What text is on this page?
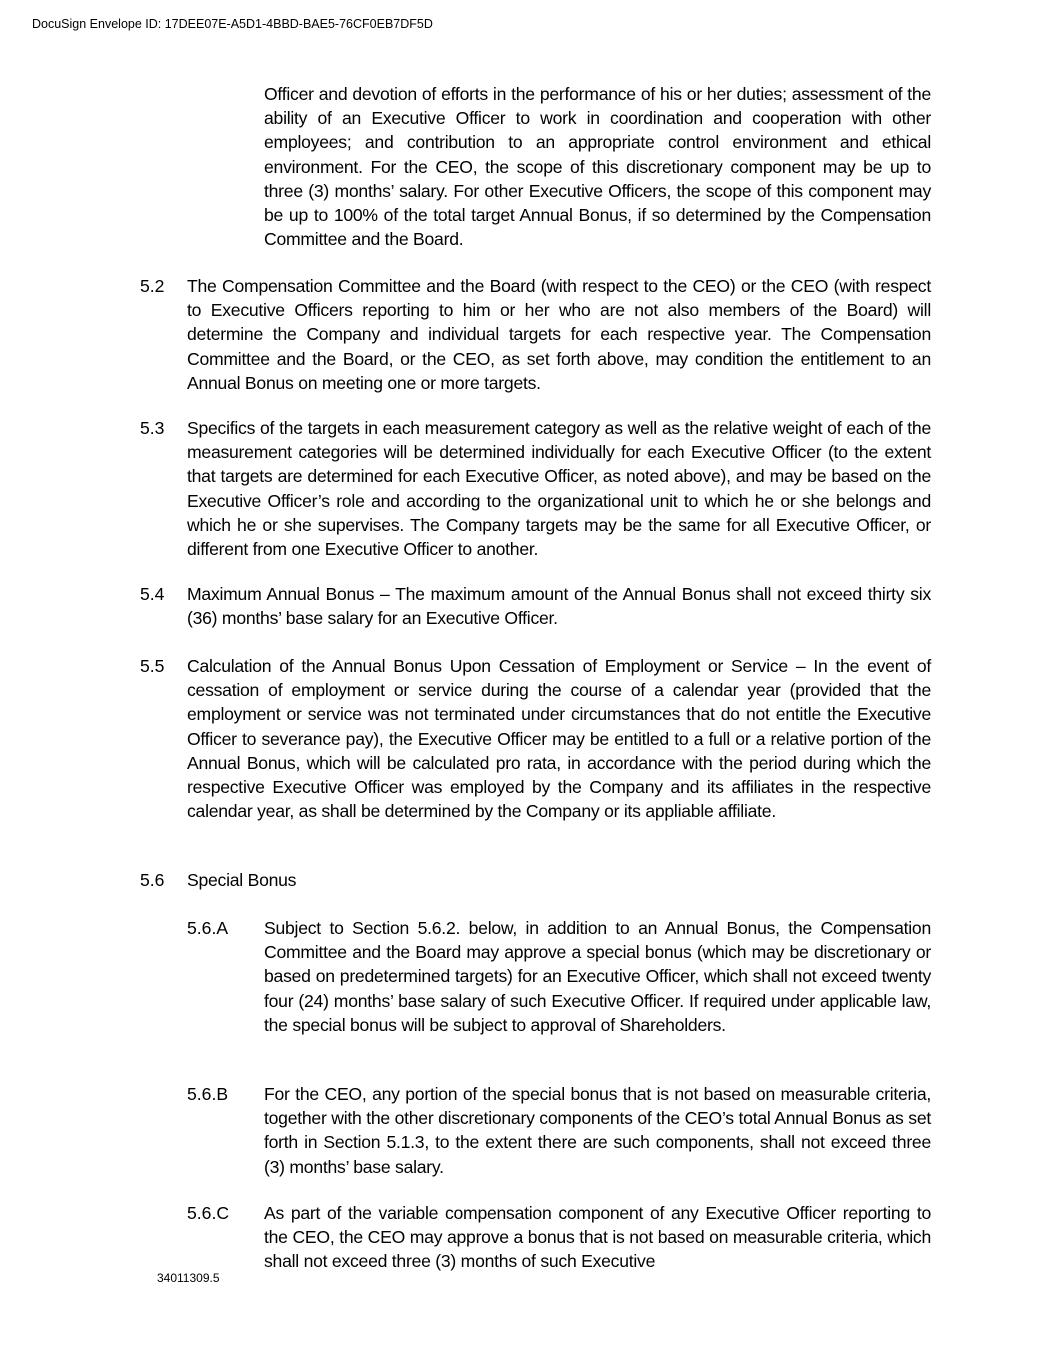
DocuSign Envelope ID: 17DEE07E-A5D1-4BBD-BAE5-76CF0EB7DF5D

Officer and devotion of efforts in the performance of his or her duties; assessment of the ability of an Executive Officer to work in coordination and cooperation with other employees; and contribution to an appropriate control environment and ethical environment. For the CEO, the scope of this discretionary component may be up to three (3) months’ salary. For other Executive Officers, the scope of this component may be up to 100% of the total target Annual Bonus, if so determined by the Compensation Committee and the Board.

5.2	The Compensation Committee and the Board (with respect to the CEO) or the CEO (with respect to Executive Officers reporting to him or her who are not also members of the Board) will determine the Company and individual targets for each respective year. The Compensation Committee and the Board, or the CEO, as set forth above, may condition the entitlement to an Annual Bonus on meeting one or more targets.

5.3	Specifics of the targets in each measurement category as well as the relative weight of each of the measurement categories will be determined individually for each Executive Officer (to the extent that targets are determined for each Executive Officer, as noted above), and may be based on the Executive Officer’s role and according to the organizational unit to which he or she belongs and which he or she supervises. The Company targets may be the same for all Executive Officer, or different from one Executive Officer to another.

5.4	Maximum Annual Bonus – The maximum amount of the Annual Bonus shall not exceed thirty six (36) months’ base salary for an Executive Officer.

5.5	Calculation of the Annual Bonus Upon Cessation of Employment or Service – In the event of cessation of employment or service during the course of a calendar year (provided that the employment or service was not terminated under circumstances that do not entitle the Executive Officer to severance pay), the Executive Officer may be entitled to a full or a relative portion of the Annual Bonus, which will be calculated pro rata, in accordance with the period during which the respective Executive Officer was employed by the Company and its affiliates in the respective calendar year, as shall be determined by the Company or its appliable affiliate.

5.6	Special Bonus

5.6.A	Subject to Section 5.6.2. below, in addition to an Annual Bonus, the Compensation Committee and the Board may approve a special bonus (which may be discretionary or based on predetermined targets) for an Executive Officer, which shall not exceed twenty four (24) months’ base salary of such Executive Officer. If required under applicable law, the special bonus will be subject to approval of Shareholders.

5.6.B	For the CEO, any portion of the special bonus that is not based on measurable criteria, together with the other discretionary components of the CEO’s total Annual Bonus as set forth in Section 5.1.3, to the extent there are such components, shall not exceed three (3) months’ base salary.

5.6.C	As part of the variable compensation component of any Executive Officer reporting to the CEO, the CEO may approve a bonus that is not based on measurable criteria, which shall not exceed three (3) months of such Executive

34011309.5
